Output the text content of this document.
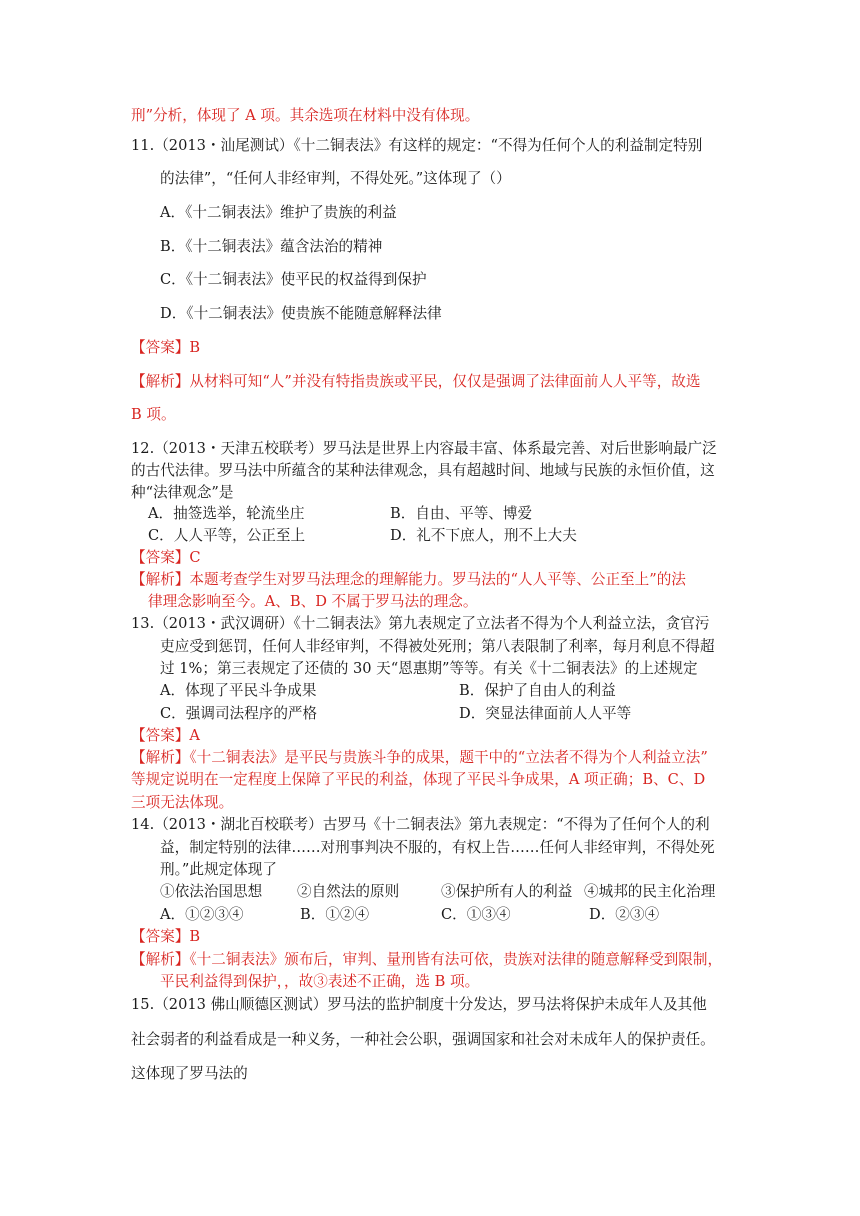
刑”分析，体现了 A 项。其余选项在材料中没有体现。
11.（2013・汕尾测试）《十二铜表法》有这样的规定：“不得为任何个人的利益制定特别
的法律”，“任何人非经审判，不得处死。”这体现了（）
A．《十二铜表法》维护了贵族的利益
B．《十二铜表法》蕴含法治的精神
C．《十二铜表法》使平民的权益得到保护
D．《十二铜表法》使贵族不能随意解释法律
【答案】B
【解析】从材料可知“人”并没有特指贵族或平民，仅仅是强调了法律面前人人平等，故选
B 项。
12.（2013・天津五校联考）罗马法是世界上内容最丰富、体系最完善、对后世影响最广泛
的古代法律。罗马法中所蕴含的某种法律观念，具有超越时间、地域与民族的永恒价值，这
种“法律观念”是
A．抽签选举，轮流坐庄	B．自由、平等、博爱
C．人人平等，公正至上	D．礼不下庶人，刑不上大夫
【答案】C
【解析】本题考查学生对罗马法理念的理解能力。罗马法的“人人平等、公正至上”的法
律理念影响至今。A、B、D 不属于罗马法的理念。
13.（2013・武汉调研）《十二铜表法》第九表规定了立法者不得为个人利益立法，贪官污
吏应受到惩罚，任何人非经审判，不得被处死刑；第八表限制了利率，每月利息不得超
过 1%；第三表规定了还债的 30 天“恩惠期”等等。有关《十二铜表法》的上述规定
A．体现了平民斗争成果	B．保护了自由人的利益
C．强调司法程序的严格	D．突显法律面前人人平等
【答案】A
【解析】《十二铜表法》是平民与贵族斗争的成果，题干中的“立法者不得为个人利益立法”
等规定说明在一定程度上保障了平民的利益，体现了平民斗争成果，A 项正确；B、C、D
三项无法体现。
14.（2013・湖北百校联考）古罗马《十二铜表法》第九表规定：“不得为了任何个人的利
益，制定特别的法律……对刑事判决不服的，有权上告……任何人非经审判，不得处死
刑。”此规定体现了
①依法治国思想 ②自然法的原则	③保护所有人的利益 ④城邦的民主化治理
A．①②③④	B．①②④	C．①③④	D．②③④
【答案】B
【解析】《十二铜表法》颁布后，审判、量刑皆有法可依，贵族对法律的随意解释受到限制，
平民利益得到保护，，故③表述不正确，选 B 项。
15.（2013 佛山顺德区测试）罗马法的监护制度十分发达，罗马法将保护未成年人及其他
社会弱者的利益看成是一种义务，一种社会公职，强调国家和社会对未成年人的保护责任。
这体现了罗马法的
